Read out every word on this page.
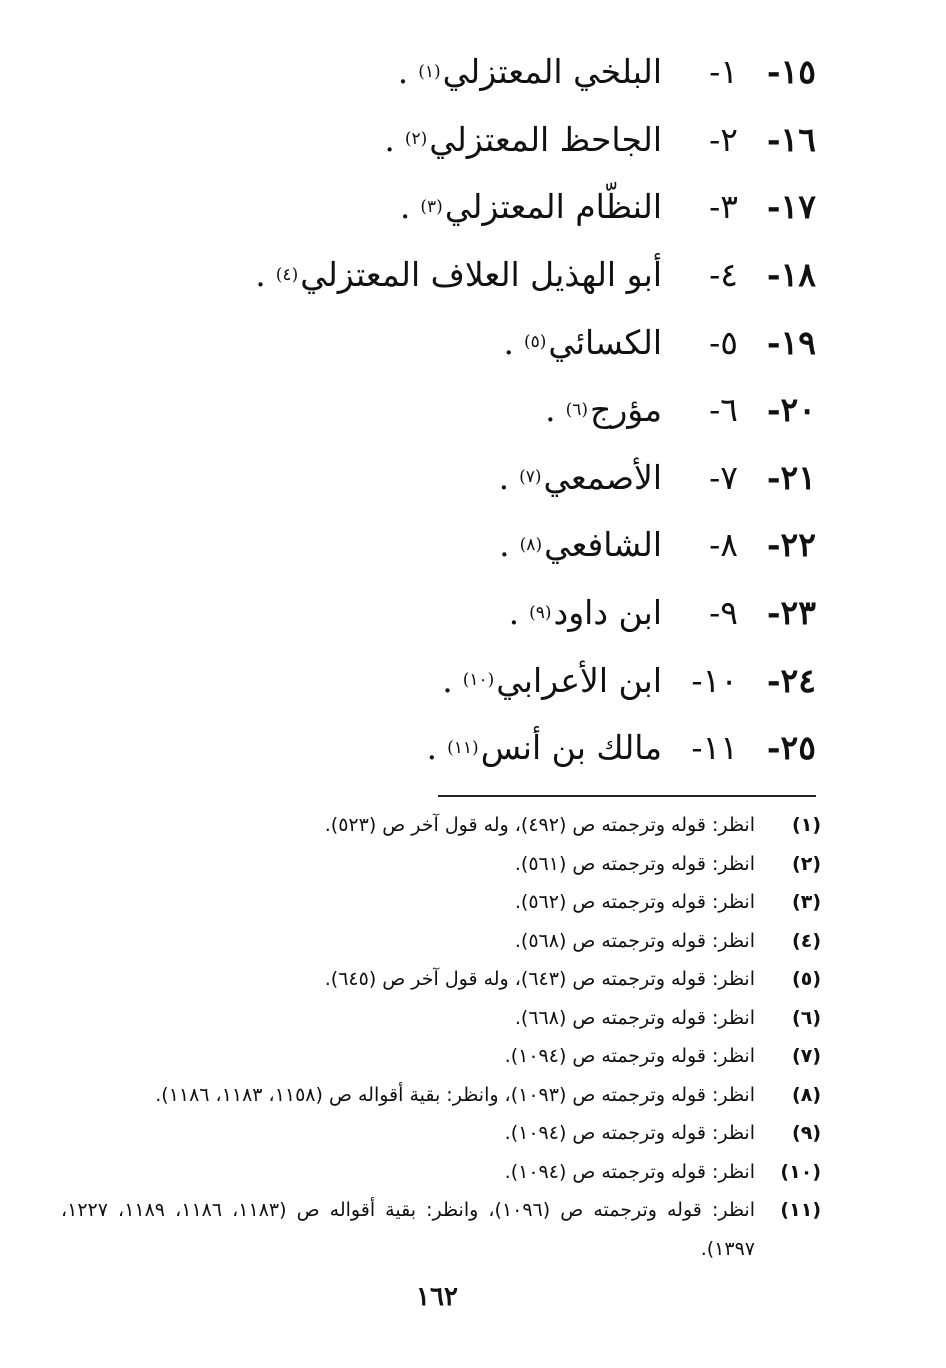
١٥-
١-
البلخي المعتزلي
(١)
.
١٦-
٢-
الجاحظ المعتزلي
(٢)
.
١٧-
٣-
النظّام المعتزلي
(٣)
.
١٨-
٤-
أبو الهذيل العلاف المعتزلي
(٤)
.
١٩-
٥-
الكسائي
(٥)
.
٢٠-
٦-
مؤرج
(٦)
.
٢١-
٧-
الأصمعي
(٧)
.
٢٢-
٨-
الشافعي
(٨)
.
٢٣-
٩-
ابن داود
(٩)
.
٢٤-
١٠-
ابن الأعرابي
(١٠)
.
٢٥-
١١-
مالك بن أنس
(١١)
.
(١)
انظر: قوله وترجمته ص (٤٩٢)، وله قول آخر ص (٥٢٣).
(٢)
انظر: قوله وترجمته ص (٥٦١).
(٣)
انظر: قوله وترجمته ص (٥٦٢).
(٤)
انظر: قوله وترجمته ص (٥٦٨).
(٥)
انظر: قوله وترجمته ص (٦٤٣)، وله قول آخر ص (٦٤٥).
(٦)
انظر: قوله وترجمته ص (٦٦٨).
(٧)
انظر: قوله وترجمته ص (١٠٩٤).
(٨)
انظر: قوله وترجمته ص (١٠٩٣)، وانظر: بقية أقواله ص (١١٥٨، ١١٨٣، ١١٨٦).
(٩)
انظر: قوله وترجمته ص (١٠٩٤).
(١٠)
انظر: قوله وترجمته ص (١٠٩٤).
(١١)
انظر: قوله وترجمته ص (١٠٩٦)، وانظر: بقية أقواله ص (١١٨٣، ١١٨٦، ١١٨٩، ١٢٢٧، ١٣٩٧).
١٦٢
